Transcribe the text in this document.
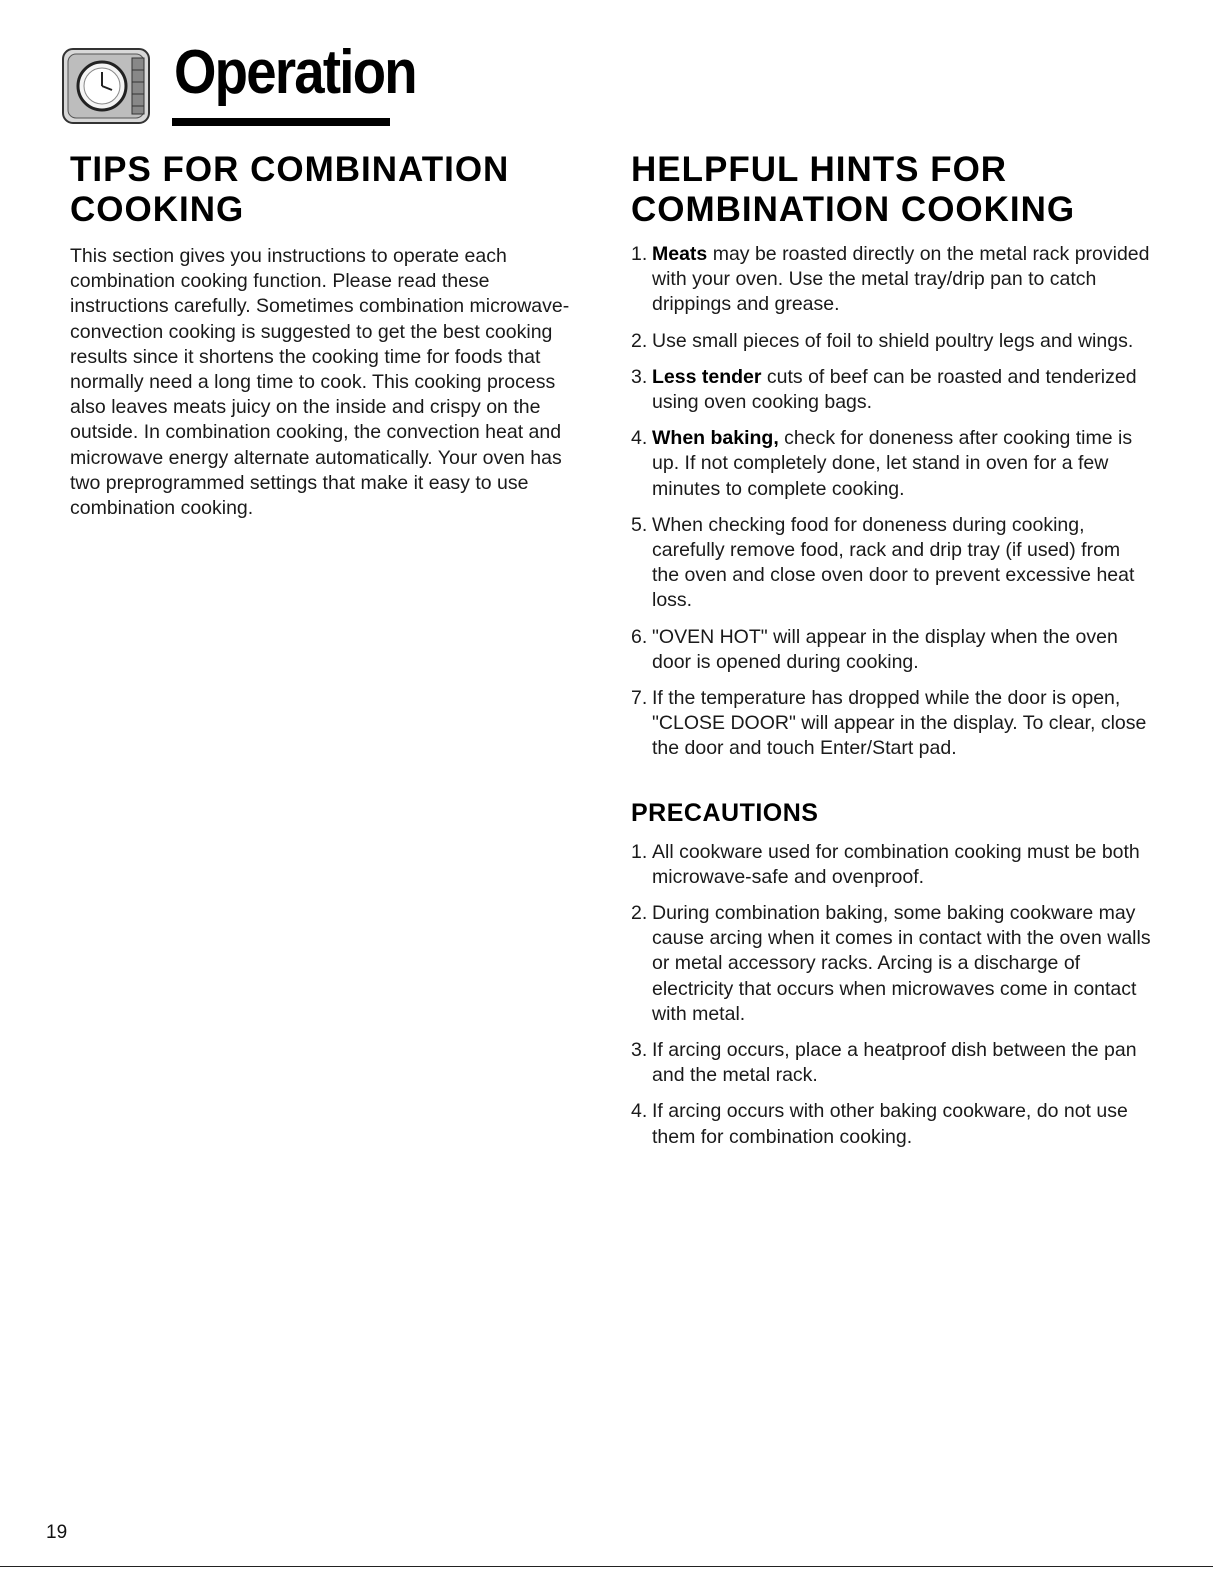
Operation
TIPS FOR COMBINATION COOKING

This section gives you instructions to operate each combination cooking function. Please read these instructions carefully. Sometimes combination microwave-convection cooking is suggested to get the best cooking results since it shortens the cooking time for foods that normally need a long time to cook. This cooking process also leaves meats juicy on the inside and crispy on the outside. In combination cooking, the convection heat and microwave energy alternate automatically. Your oven has two preprogrammed settings that make it easy to use combination cooking.

HELPFUL HINTS FOR COMBINATION COOKING
1. Meats may be roasted directly on the metal rack provided with your oven. Use the metal tray/drip pan to catch drippings and grease.
2. Use small pieces of foil to shield poultry legs and wings.
3. Less tender cuts of beef can be roasted and tenderized using oven cooking bags.
4. When baking, check for doneness after cooking time is up. If not completely done, let stand in oven for a few minutes to complete cooking.
5. When checking food for doneness during cooking, carefully remove food, rack and drip tray (if used) from the oven and close oven door to prevent excessive heat loss.
6. "OVEN HOT" will appear in the display when the oven door is opened during cooking.
7. If the temperature has dropped while the door is open, "CLOSE DOOR" will appear in the display. To clear, close the door and touch Enter/Start pad.
PRECAUTIONS
1. All cookware used for combination cooking must be both microwave-safe and ovenproof.
2. During combination baking, some baking cookware may cause arcing when it comes in contact with the oven walls or metal accessory racks. Arcing is a discharge of electricity that occurs when microwaves come in contact with metal.
3. If arcing occurs, place a heatproof dish between the pan and the metal rack.
4. If arcing occurs with other baking cookware, do not use them for combination cooking.
19
